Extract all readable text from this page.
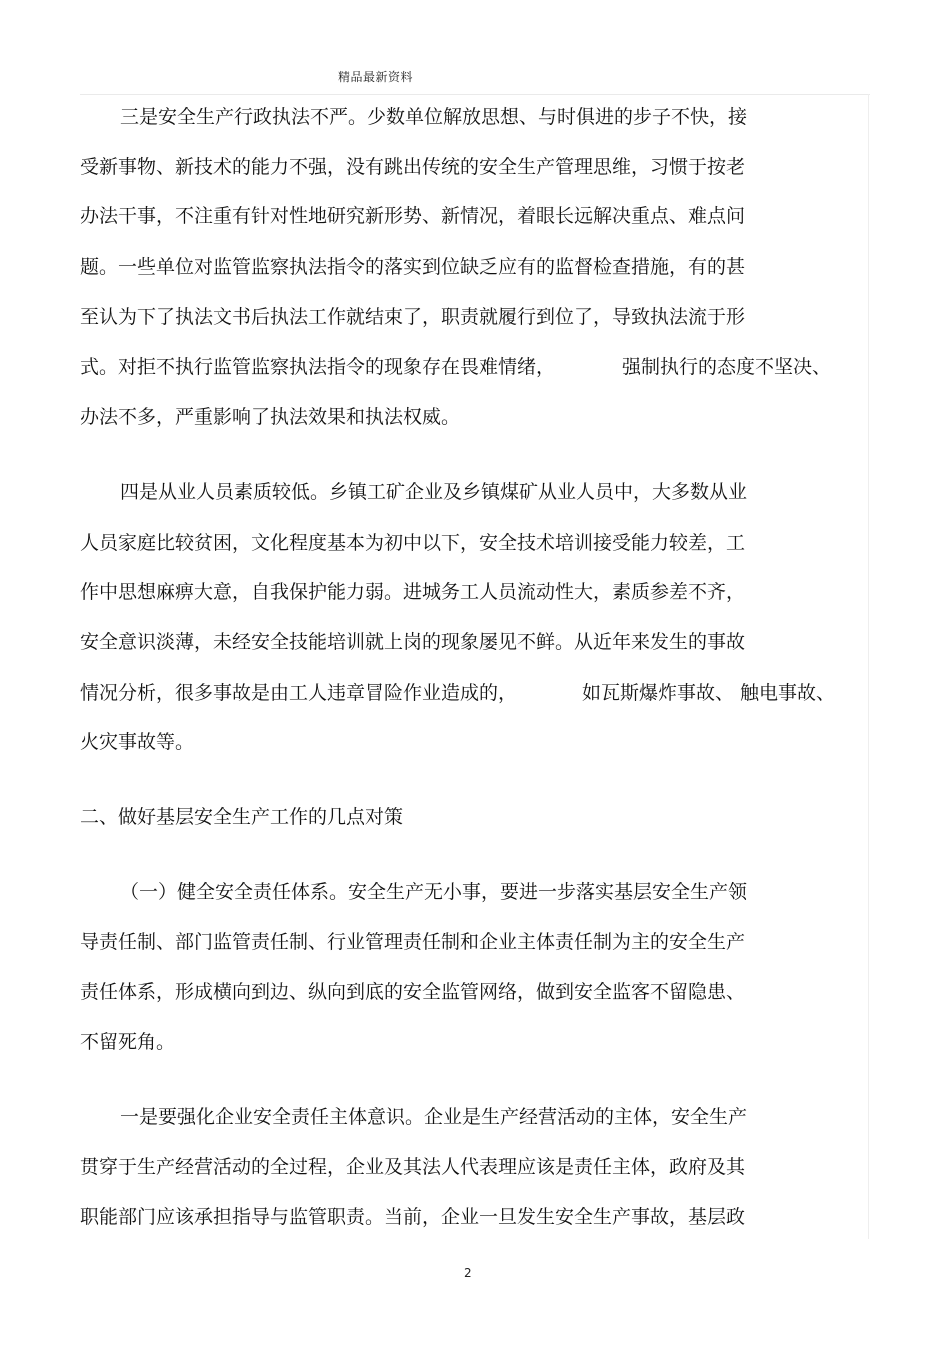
精品最新资料
三是安全生产行政执法不严。少数单位解放思想、与时俱进的步子不快，接
受新事物、新技术的能力不强，没有跳出传统的安全生产管理思维，习惯于按老
办法干事，不注重有针对性地研究新形势、新情况，着眼长远解决重点、难点问
题。一些单位对监管监察执法指令的落实到位缺乏应有的监督检查措施，有的甚
至认为下了执法文书后执法工作就结束了，职责就履行到位了，导致执法流于形
式。对拒不执行监管监察执法指令的现象存在畏难情绪，	强制执行的态度不坚决、
办法不多，严重影响了执法效果和执法权威。
四是从业人员素质较低。乡镇工矿企业及乡镇煤矿从业人员中，大多数从业
人员家庭比较贫困，文化程度基本为初中以下，安全技术培训接受能力较差，工
作中思想麻痹大意，自我保护能力弱。进城务工人员流动性大，素质参差不齐，
安全意识淡薄，未经安全技能培训就上岗的现象屡见不鲜。从近年来发生的事故
情况分析，很多事故是由工人违章冒险作业造成的，	如瓦斯爆炸事故、 触电事故、
火灾事故等。
二、做好基层安全生产工作的几点对策
（一）健全安全责任体系。安全生产无小事，要进一步落实基层安全生产领
导责任制、部门监管责任制、行业管理责任制和企业主体责任制为主的安全生产
责任体系，形成横向到边、纵向到底的安全监管网络，做到安全监客不留隐患、
不留死角。
一是要强化企业安全责任主体意识。企业是生产经营活动的主体，安全生产
贯穿于生产经营活动的全过程，企业及其法人代表理应该是责任主体，政府及其
职能部门应该承担指导与监管职责。当前，企业一旦发生安全生产事故，基层政
2
